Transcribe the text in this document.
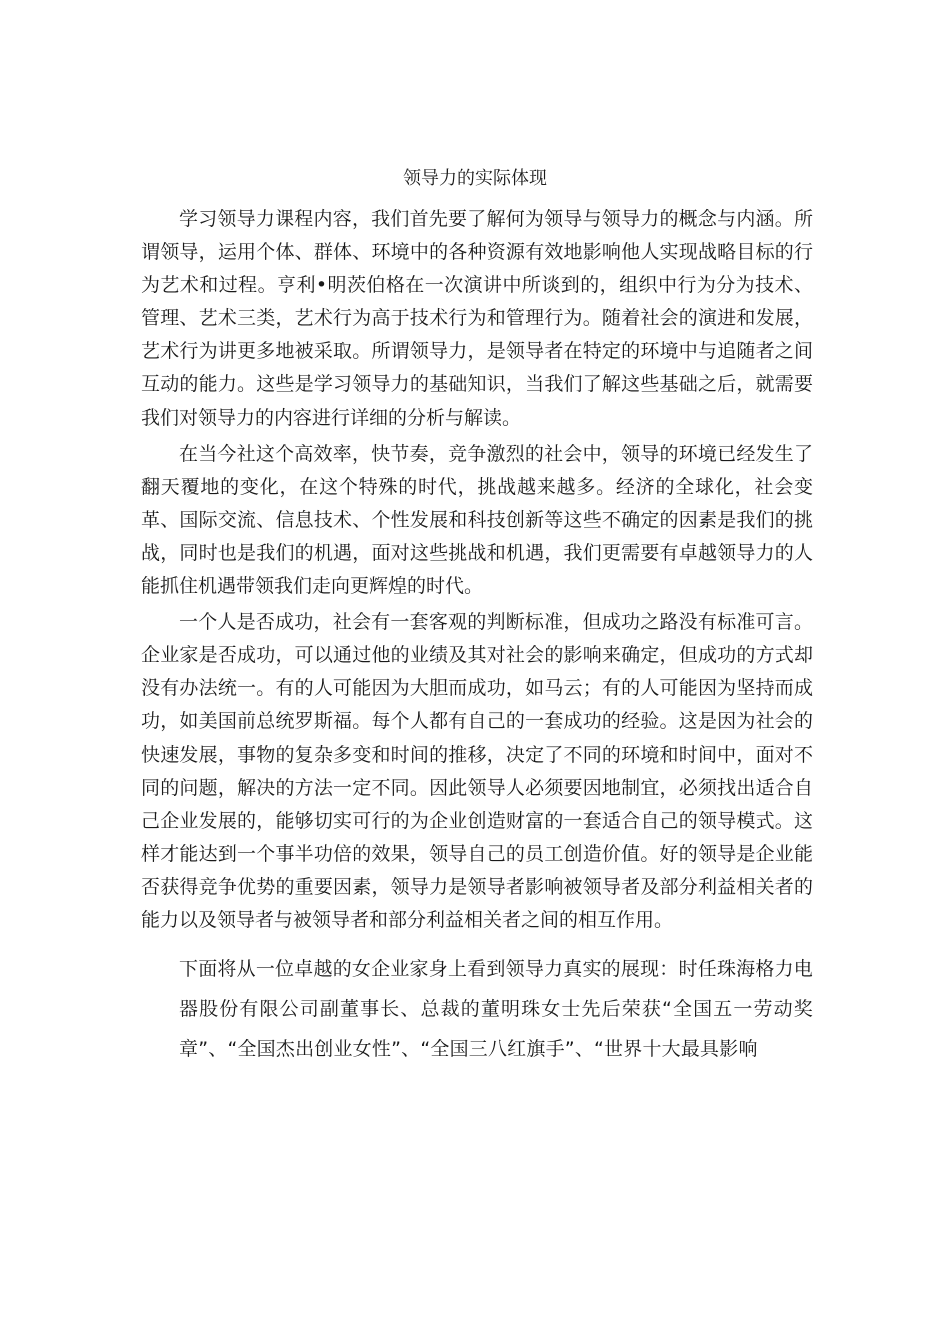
领导力的实际体现

学习领导力课程内容，我们首先要了解何为领导与领导力的概念与内涵。所谓领导，运用个体、群体、环境中的各种资源有效地影响他人实现战略目标的行为艺术和过程。亨利•明茨伯格在一次演讲中所谈到的，组织中行为分为技术、管理、艺术三类，艺术行为高于技术行为和管理行为。随着社会的演进和发展，艺术行为讲更多地被采取。所谓领导力，是领导者在特定的环境中与追随者之间互动的能力。这些是学习领导力的基础知识，当我们了解这些基础之后，就需要我们对领导力的内容进行详细的分析与解读。

在当今社这个高效率，快节奏，竞争激烈的社会中，领导的环境已经发生了翻天覆地的变化，在这个特殊的时代，挑战越来越多。经济的全球化，社会变革、国际交流、信息技术、个性发展和科技创新等这些不确定的因素是我们的挑战，同时也是我们的机遇，面对这些挑战和机遇，我们更需要有卓越领导力的人能抓住机遇带领我们走向更辉煌的时代。

一个人是否成功，社会有一套客观的判断标准，但成功之路没有标准可言。企业家是否成功，可以通过他的业绩及其对社会的影响来确定，但成功的方式却没有办法统一。有的人可能因为大胆而成功，如马云；有的人可能因为坚持而成功，如美国前总统罗斯福。每个人都有自己的一套成功的经验。这是因为社会的快速发展，事物的复杂多变和时间的推移，决定了不同的环境和时间中，面对不同的问题，解决的方法一定不同。因此领导人必须要因地制宜，必须找出适合自己企业发展的，能够切实可行的为企业创造财富的一套适合自己的领导模式。这样才能达到一个事半功倍的效果，领导自己的员工创造价值。好的领导是企业能否获得竞争优势的重要因素，领导力是领导者影响被领导者及部分利益相关者的能力以及领导者与被领导者和部分利益相关者之间的相互作用。

下面将从一位卓越的女企业家身上看到领导力真实的展现：时任珠海格力电器股份有限公司副董事长、总裁的董明珠女士先后荣获“全国五一劳动奖章”、“全国杰出创业女性”、“全国三八红旗手”、“世界十大最具影响
